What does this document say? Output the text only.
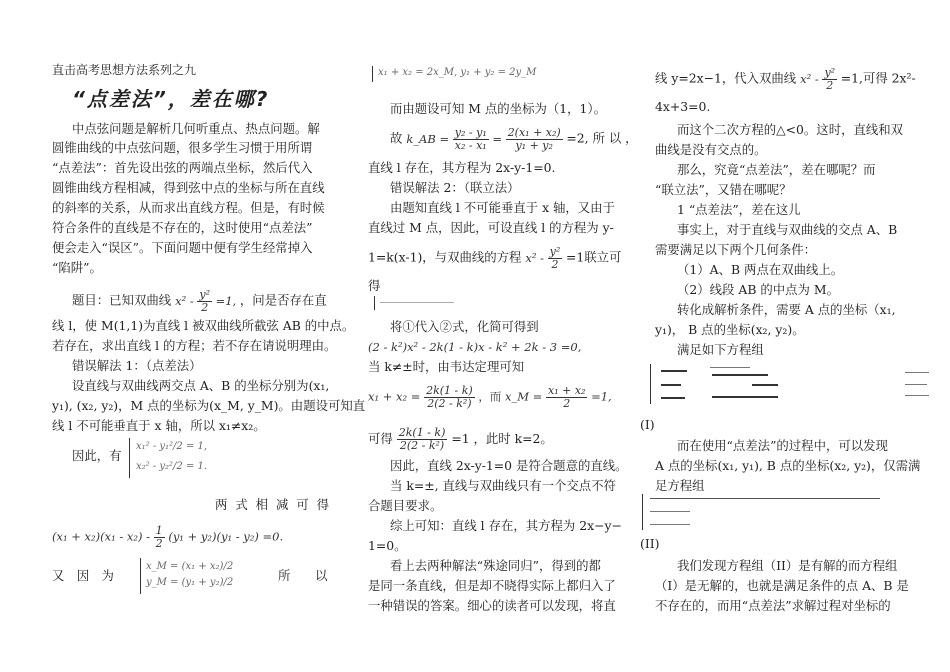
直击高考思想方法系列之九
“点差法”，差在哪?
中点弦问题是解析几何听重点、热点问题。解
圆锥曲线的中点弦问题，很多学生习惯于用所谓
“点差法”：首先设出弦的两端点坐标，然后代入
圆锥曲线方程相减，得到弦中点的坐标与所在直线
的斜率的关系，从而求出直线方程。但是，有时候
符合条件的直线是不存在的，这时使用“点差法”
便会走入“误区”。下面问题中便有学生经常掉入
“陷阱”。
题目：已知双曲线 $x^2 - \frac{\text{y²}}{2} =1$, ，问是否存在直
线 l，使 M(1,1)为直线 l 被双曲线所截弦 AB 的中点。
若存在，求出直线 l 的方程；若不存在请说明理由。
错误解法 1：（点差法）
设直线与双曲线两交点 A、B 的坐标分别为(x₁,
y₁), (x₂, y₂)，M 点的坐标为(x_M, y_M)。由题设可知直
线 l 不可能垂直于 x 轴，所以 x₁≠x₂。
因此，有
x₁² - y₁²/2 = 1,
x₂² - y₂²/2 = 1.
两 式 相 减 可 得
$(x_1 + x_2)(x_1 - x_2) - \frac{1}{2} (y_1 + y_2)(y_1 - y_2) =0$.
又　因　为
x_M = (x₁ + x₂)/2
y_M = (y₁ + y₂)/2	所　　以
x₁ + x₂ = 2x_M, y₁ + y₂ = 2y_M
而由题设可知 M 点的坐标为（1，1）。
故 k_AB = $\frac{\text{y₂ - y₁}}{\text{x₂ - x₁}} = \frac{\text{2(x₁ + x₂)}}{\text{y₁ + y₂}} =2$, 所 以 ，
直线 l 存在，其方程为 2x-y-1=0.
错误解法 2：（联立法）
由题知直线 l 不可能垂直于 x 轴，又由于
直线过 M 点，因此，可设直线 l 的方程为 y-
1=k(x-1)，与双曲线的方程 $x^2 - \frac{\text{y²}}{2} =1$联立可
得
将①代入②式，化简可得到
(2 - k²)x² - 2k(1 - k)x - k² + 2k - 3 =0,
当 k≠±时，由韦达定理可知
$x_1 + x_2 = \frac{2k(1 - k)}{\text{2(2 - k²)}}$ ，而 x_M = $\frac{\text{x₁ + x₂}}{2} =1$,
可得 $\frac{2k(1 - k)}{\text{2(2 - k²)}} =1$ ，此时 k=2。
因此，直线 2x-y-1=0 是符合题意的直线。
当 k=±, 直线与双曲线只有一个交点不符
合题目要求。
综上可知：直线 l 存在，其方程为 2x−y−
1=0。
看上去两种解法“殊途同归”，得到的都
是同一条直线，但是却不晓得实际上都归入了
一种错误的答案。细心的读者可以发现，将直
线 y=2x−1，代入双曲线 $x^2 - \frac{\text{y²}}{2} =1$,可得 2x²-
4x+3=0.
而这个二次方程的△<0。这时，直线和双
曲线是没有交点的。
那么，究竟“点差法”，差在哪呢？而
“联立法”，又错在哪呢？
1 “点差法”，差在这儿
事实上，对于直线与双曲线的交点 A、B
需要满足以下两个几何条件：
（1）A、B 两点在双曲线上。
（2）线段 AB 的中点为 M。
转化成解析条件，需要 A 点的坐标（x₁,
y₁)， B 点的坐标(x₂, y₂)。
满足如下方程组
(I)
而在使用“点差法”的过程中，可以发现
A 点的坐标(x₁, y₁), B 点的坐标(x₂, y₂)，仅需满
足方程组
(II)
我们发现方程组（II）是有解的而方程组
（I）是无解的，也就是满足条件的点 A、B 是
不存在的，而用“点差法”求解过程对坐标的
